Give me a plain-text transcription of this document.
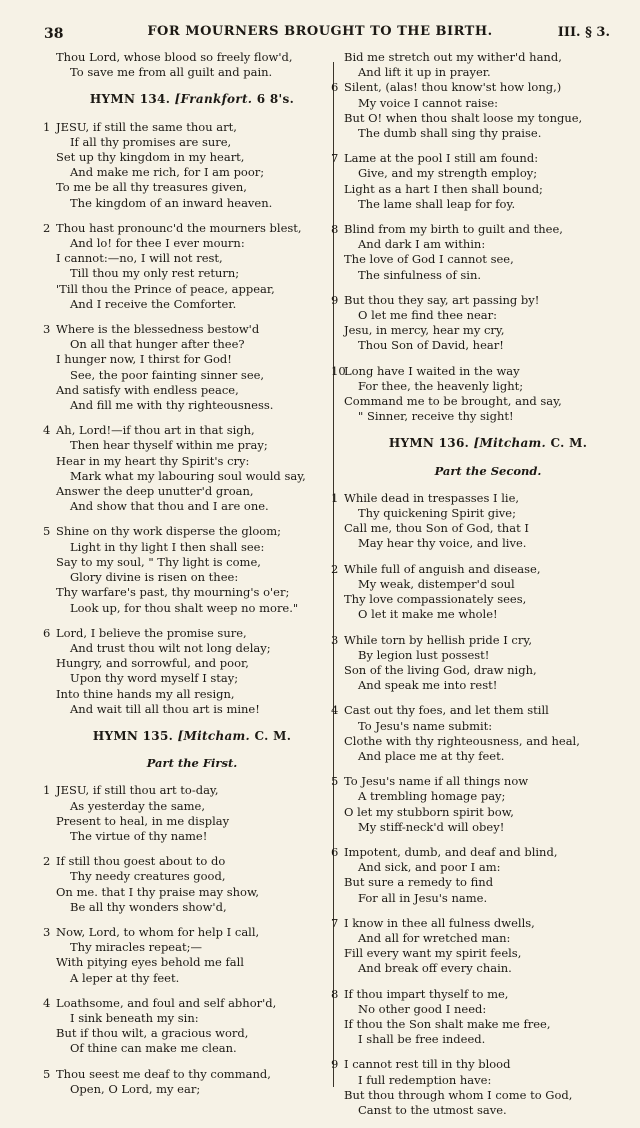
38	FOR MOURNERS BROUGHT TO THE BIRTH.	III. § 3.
Thou Lord, whose blood so freely flow'd,
To save me from all guilt and pain.
HYMN 134. [Frankfort. 6 8's.
1 JESU, if still the same thou art,
If all thy promises are sure,
Set up thy kingdom in my heart,
And make me rich, for I am poor;
To me be all thy treasures given,
The kingdom of an inward heaven.
2 Thou hast pronounc'd the mourners blest,
And lo! for thee I ever mourn:
I cannot:—no, I will not rest,
Till thou my only rest return;
'Till thou the Prince of peace, appear,
And I receive the Comforter.
3 Where is the blessedness bestow'd
On all that hunger after thee?
I hunger now, I thirst for God!
See, the poor fainting sinner see,
And satisfy with endless peace,
And fill me with thy righteousness.
4 Ah, Lord!—if thou art in that sigh,
Then hear thyself within me pray;
Hear in my heart thy Spirit's cry:
Mark what my labouring soul would say,
Answer the deep unutter'd groan,
And show that thou and I are one.
5 Shine on thy work disperse the gloom;
Light in thy light I then shall see:
Say to my soul, " Thy light is come,
Glory divine is risen on thee:
Thy warfare's past, thy mourning's o'er;
Look up, for thou shalt weep no more."
6 Lord, I believe the promise sure,
And trust thou wilt not long delay;
Hungry, and sorrowful, and poor,
Upon thy word myself I stay;
Into thine hands my all resign,
And wait till all thou art is mine!
HYMN 135. [Mitcham. C. M.
Part the First.
1 JESU, if still thou art to-day,
As yesterday the same,
Present to heal, in me display
The virtue of thy name!
2 If still thou goest about to do
Thy needy creatures good,
On me. that I thy praise may show,
Be all thy wonders show'd,
3 Now, Lord, to whom for help I call,
Thy miracles repeat;—
With pitying eyes behold me fall
A leper at thy feet.
4 Loathsome, and foul and self abhor'd,
I sink beneath my sin:
But if thou wilt, a gracious word,
Of thine can make me clean.
5 Thou seest me deaf to thy command,
Open, O Lord, my ear;
Bid me stretch out my wither'd hand,
And lift it up in prayer.
6 Silent, (alas! thou know'st how long,)
My voice I cannot raise:
But O! when thou shalt loose my tongue,
The dumb shall sing thy praise.
7 Lame at the pool I still am found:
Give, and my strength employ;
Light as a hart I then shall bound;
The lame shall leap for foy.
8 Blind from my birth to guilt and thee,
And dark I am within:
The love of God I cannot see,
The sinfulness of sin.
9 But thou they say, art passing by!
O let me find thee near:
Jesu, in mercy, hear my cry,
Thou Son of David, hear!
10Long have I waited in the way
For thee, the heavenly light;
Command me to be brought, and say,
" Sinner, receive thy sight!
HYMN 136. [Mitcham. C. M.
Part the Second.
1 While dead in trespasses I lie,
Thy quickening Spirit give;
Call me, thou Son of God, that I
May hear thy voice, and live.
2 While full of anguish and disease,
My weak, distemper'd soul
Thy love compassionately sees,
O let it make me whole!
3 While torn by hellish pride I cry,
By legion lust possest!
Son of the living God, draw nigh,
And speak me into rest!
4 Cast out thy foes, and let them still
To Jesu's name submit:
Clothe with thy righteousness, and heal,
And place me at thy feet.
5 To Jesu's name if all things now
A trembling homage pay;
O let my stubborn spirit bow,
My stiff-neck'd will obey!
6 Impotent, dumb, and deaf and blind,
And sick, and poor I am:
But sure a remedy to find
For all in Jesu's name.
7 I know in thee all fulness dwells,
And all for wretched man:
Fill every want my spirit feels,
And break off every chain.
8 If thou impart thyself to me,
No other good I need:
If thou the Son shalt make me free,
I shall be free indeed.
9 I cannot rest till in thy blood
I full redemption have:
But thou through whom I come to God,
Canst to the utmost save.
